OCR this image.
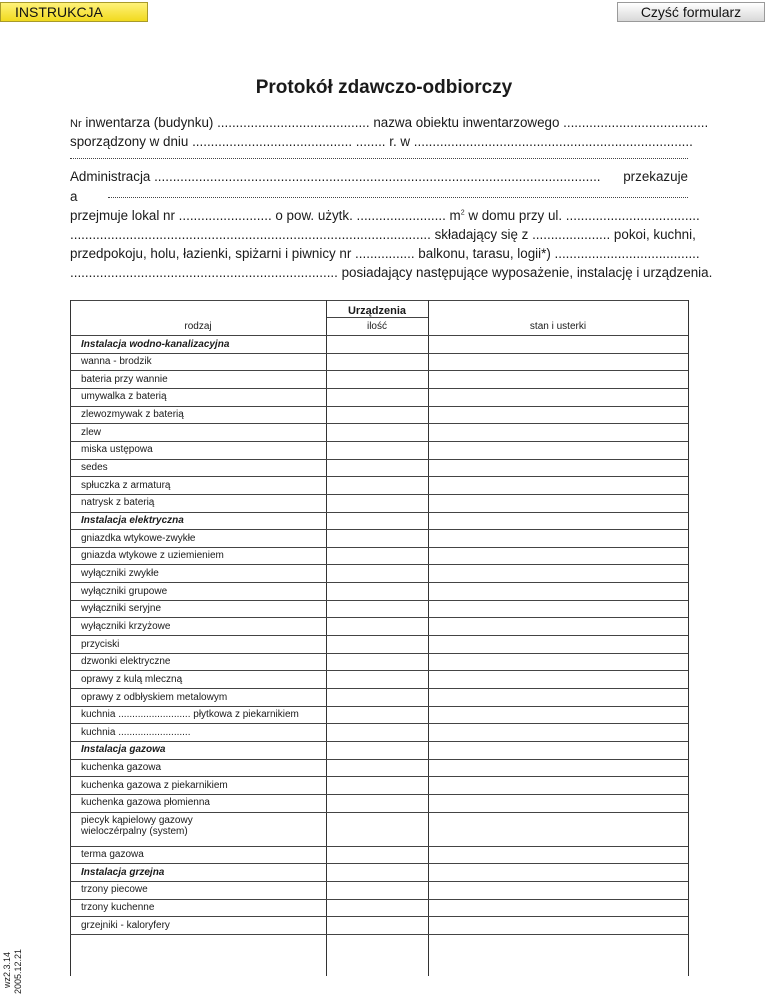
INSTRUKCJA	Czyść formularz
Protokół zdawczo-odbiorczy
Nr inwentarza (budynku) ......................................... nazwa obiektu inwentarzowego .......................................
sporządzony w dniu ........................................... ........ r. w ...........................................................................
Administracja ........................................................................................................................ przekazuje
a
przejmuje lokal nr ......................... o pow. użytk. ........................ $m^2$ w domu przy ul. ....................................
................................................................................................. składający się z ..................... pokoi, kuchni,
przedpokoju, holu, łazienki, spiżarni i piwnicy nr ................ balkonu, tarasu, logii*) .......................................
........................................................................ posiadający następujące wyposażenie, instalację i urządzenia.
Urządzenia
rodzaj	ilość	stan i usterki
Instalacja wodno-kanalizacyjna
wanna - brodzik
bateria przy wannie
umywalka z baterią
zlewozmywak z baterią
zlew
miska ustępowa
sedes
spłuczka z armaturą
natrysk z baterią
Instalacja elektryczna
gniazdka wtykowe-zwykłe
gniazda wtykowe z uziemieniem
wyłączniki zwykłe
wyłączniki grupowe
wyłączniki seryjne
wyłączniki krzyżowe
przyciski
dzwonki elektryczne
oprawy z kulą mleczną
oprawy z odbłyskiem metalowym
kuchnia .......................... płytkowa z piekarnikiem
kuchnia ..........................
Instalacja gazowa
kuchenka gazowa
kuchenka gazowa z piekarnikiem
kuchenka gazowa płomienna
piecyk kąpielowy gazowy
wieloczérpalny (system)
terma gazowa
Instalacja grzejna
trzony piecowe
trzony kuchenne
grzejniki - kaloryfery
wz2.3.14 2005.12.21
